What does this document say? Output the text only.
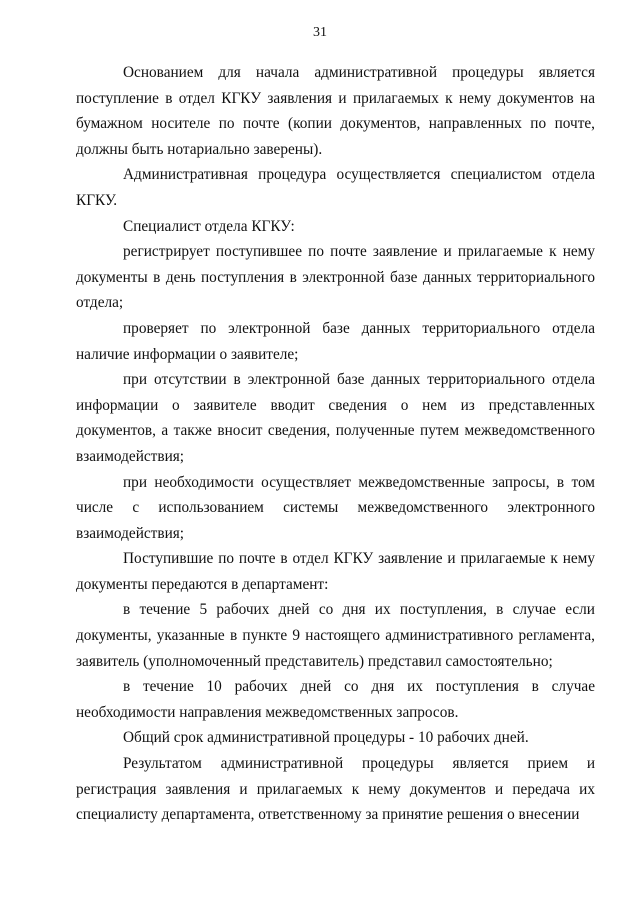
31

Основанием для начала административной процедуры является поступление в отдел КГКУ заявления и прилагаемых к нему документов на бумажном носителе по почте (копии документов, направленных по почте, должны быть нотариально заверены).

Административная процедура осуществляется специалистом отдела КГКУ.

Специалист отдела КГКУ:

регистрирует поступившее по почте заявление и прилагаемые к нему документы в день поступления в электронной базе данных территориального отдела;

проверяет по электронной базе данных территориального отдела наличие информации о заявителе;

при отсутствии в электронной базе данных территориального отдела информации о заявителе вводит сведения о нем из представленных документов, а также вносит сведения, полученные путем межведомственного взаимодействия;

при необходимости осуществляет межведомственные запросы, в том числе с использованием системы межведомственного электронного взаимодействия;

Поступившие по почте в отдел КГКУ заявление и прилагаемые к нему документы передаются в департамент:

в течение 5 рабочих дней со дня их поступления, в случае если документы, указанные в пункте 9 настоящего административного регламента, заявитель (уполномоченный представитель) представил самостоятельно;

в течение 10 рабочих дней со дня их поступления в случае необходимости направления межведомственных запросов.

Общий срок административной процедуры - 10 рабочих дней.

Результатом административной процедуры является прием и регистрация заявления и прилагаемых к нему документов и передача их специалисту департамента, ответственному за принятие решения о внесении
